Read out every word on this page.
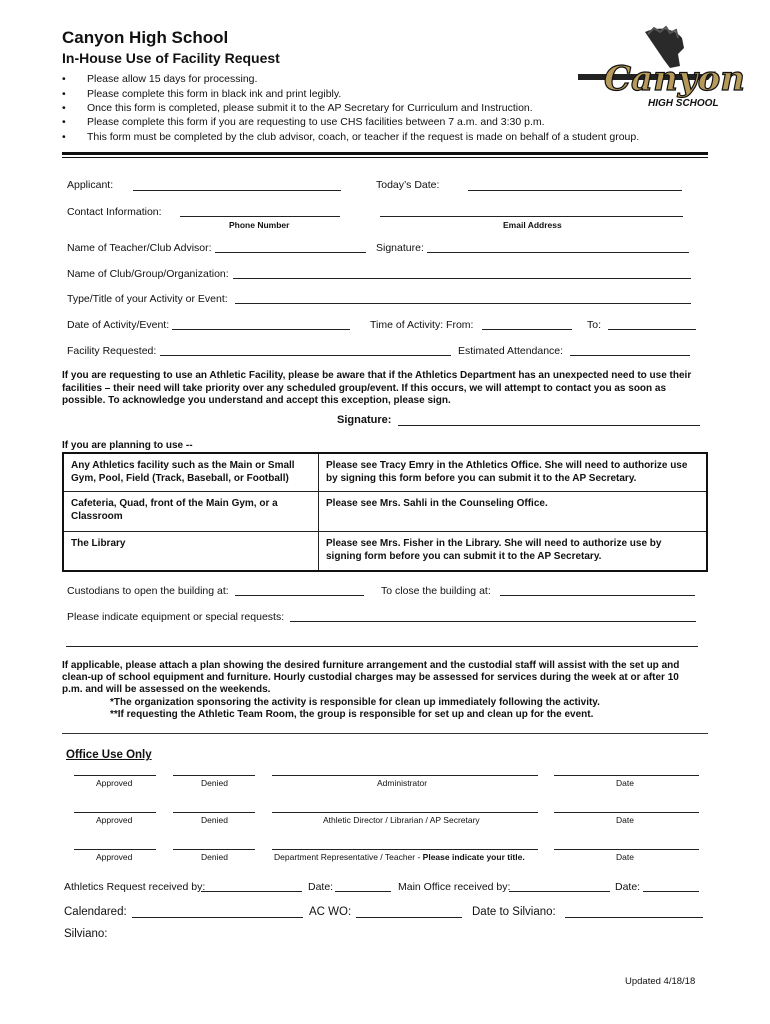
Canyon High School
In-House Use of Facility Request
Canyon
HIGH SCHOOL
• Please allow 15 days for processing.
• Please complete this form in black ink and print legibly.
• Once this form is completed, please submit it to the AP Secretary for Curriculum and Instruction.
• Please complete this form if you are requesting to use CHS facilities between 7 a.m. and 3:30 p.m.
• This form must be completed by the club advisor, coach, or teacher if the request is made on behalf of a student group.
Applicant:	Today’s Date:
Contact Information:
Phone Number	Email Address
Name of Teacher/Club Advisor:	Signature:
Name of Club/Group/Organization:
Type/Title of your Activity or Event:
Date of Activity/Event:	Time of Activity: From:	To:
Facility Requested:	Estimated Attendance:
If you are requesting to use an Athletic Facility, please be aware that if the Athletics Department has an unexpected need to use their facilities – their need will take priority over any scheduled group/event. If this occurs, we will attempt to contact you as soon as possible. To acknowledge you understand and accept this exception, please sign.
Signature:
If you are planning to use --
Any Athletics facility such as the Main or Small Gym, Pool, Field (Track, Baseball, or Football)	Please see Tracy Emry in the Athletics Office. She will need to authorize use by signing this form before you can submit it to the AP Secretary.
Cafeteria, Quad, front of the Main Gym, or a Classroom	Please see Mrs. Sahli in the Counseling Office.
The Library	Please see Mrs. Fisher in the Library. She will need to authorize use by signing form before you can submit it to the AP Secretary.
Custodians to open the building at:	To close the building at:
Please indicate equipment or special requests:
If applicable, please attach a plan showing the desired furniture arrangement and the custodial staff will assist with the set up and clean-up of school equipment and furniture. Hourly custodial charges may be assessed for services during the week at or after 10 p.m. and will be assessed on the weekends.
*The organization sponsoring the activity is responsible for clean up immediately following the activity.
**If requesting the Athletic Team Room, the group is responsible for set up and clean up for the event.
Office Use Only
Approved	Denied	Administrator	Date
Approved	Denied	Athletic Director / Librarian / AP Secretary	Date
Approved	Denied	Department Representative / Teacher - Please indicate your title.	Date
Athletics Request received by:	Date:	Main Office received by:	Date:
Calendared:	AC WO:	Date to Silviano:
Silviano:
Updated 4/18/18
